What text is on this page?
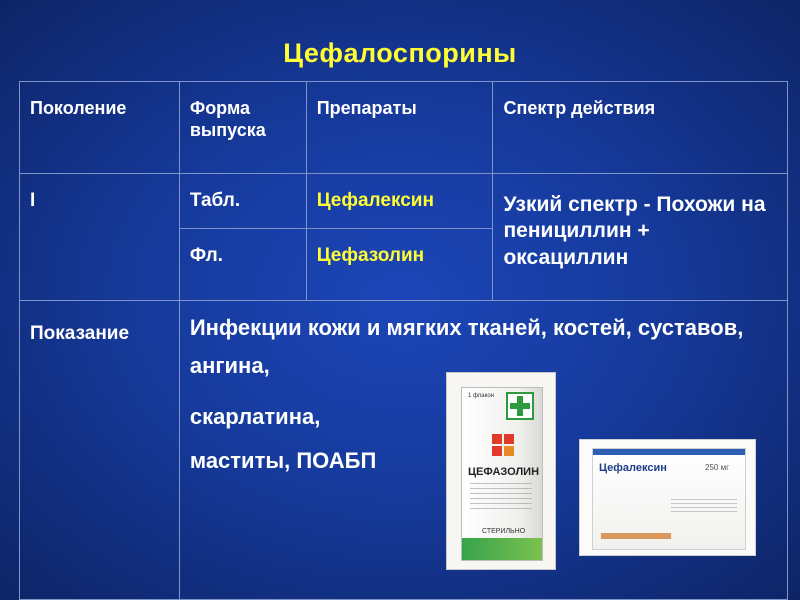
Цефалоспорины
Поколение	Форма выпуска	Препараты	Спектр действия

I	Табл.	Цефалексин	Узкий спектр - Похожи на пенициллин + оксациллин

	Фл.	Цефазолин	

Показание	Инфекции кожи и мягких тканей, костей, суставов,
ангина,
скарлатина,
маститы, ПОАБП		
1 флакон
ЦЕФАЗОЛИН
СТЕРИЛЬНО
Цефалексин	250 мг
